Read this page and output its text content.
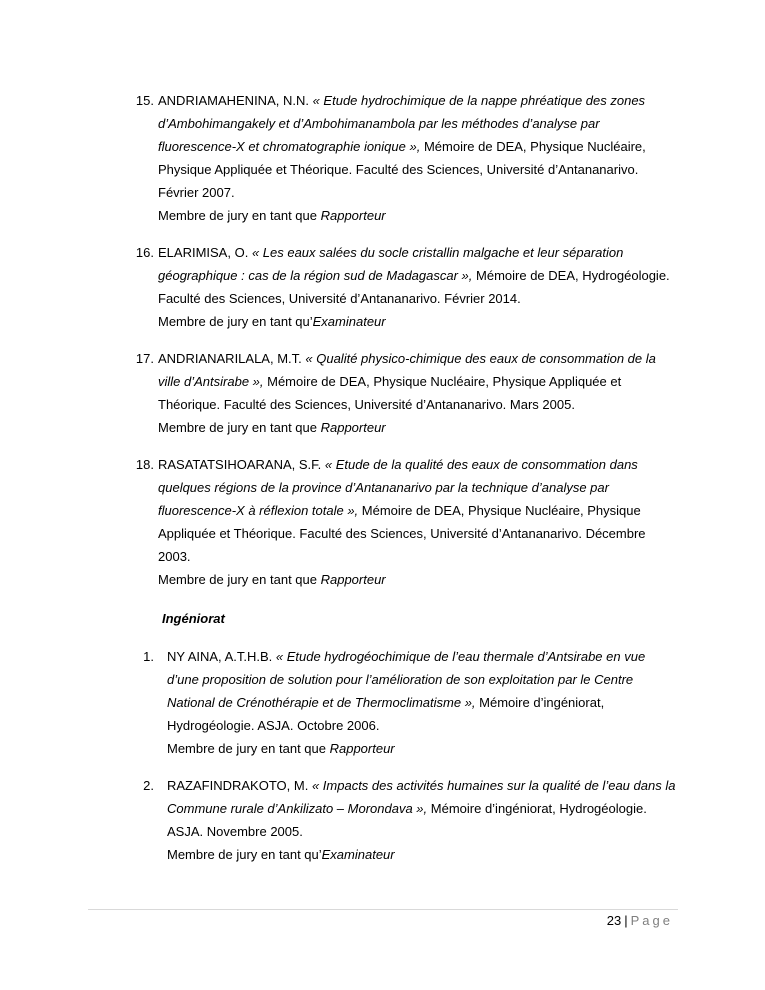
15. ANDRIAMAHENINA, N.N. « Etude hydrochimique de la nappe phréatique des zones d’Ambohimangakely et d’Ambohimanambola par les méthodes d’analyse par fluorescence-X et chromatographie ionique », Mémoire de DEA, Physique Nucléaire, Physique Appliquée et Théorique. Faculté des Sciences, Université d’Antananarivo. Février 2007.
Membre de jury en tant que Rapporteur
16. ELARIMISA, O. « Les eaux salées du socle cristallin malgache et leur séparation géographique : cas de la région sud de Madagascar », Mémoire de DEA, Hydrogéologie. Faculté des Sciences, Université d’Antananarivo. Février 2014.
Membre de jury en tant qu’Examinateur
17. ANDRIANARILALA, M.T. « Qualité physico-chimique des eaux de consommation de la ville d’Antsirabe », Mémoire de DEA, Physique Nucléaire, Physique Appliquée et Théorique. Faculté des Sciences, Université d’Antananarivo. Mars 2005.
Membre de jury en tant que Rapporteur
18. RASATATSIHOARANA, S.F. « Etude de la qualité des eaux de consommation dans quelques régions de la province d’Antananarivo par la technique d’analyse par fluorescence-X à réflexion totale », Mémoire de DEA, Physique Nucléaire, Physique Appliquée et Théorique. Faculté des Sciences, Université d’Antananarivo. Décembre 2003.
Membre de jury en tant que Rapporteur
Ingéniorat
1. NY AINA, A.T.H.B. « Etude hydrogéochimique de l’eau thermale d’Antsirabe en vue d’une proposition de solution pour l’amélioration de son exploitation par le Centre National de Crénothérapie et de Thermoclimatisme », Mémoire d’ingéniorat, Hydrogéologie. ASJA. Octobre 2006.
Membre de jury en tant que Rapporteur
2. RAZAFINDRAKOTO, M. « Impacts des activités humaines sur la qualité de l’eau dans la Commune rurale d’Ankilizato – Morondava », Mémoire d’ingéniorat, Hydrogéologie. ASJA. Novembre 2005.
Membre de jury en tant qu’Examinateur
23 | Page
